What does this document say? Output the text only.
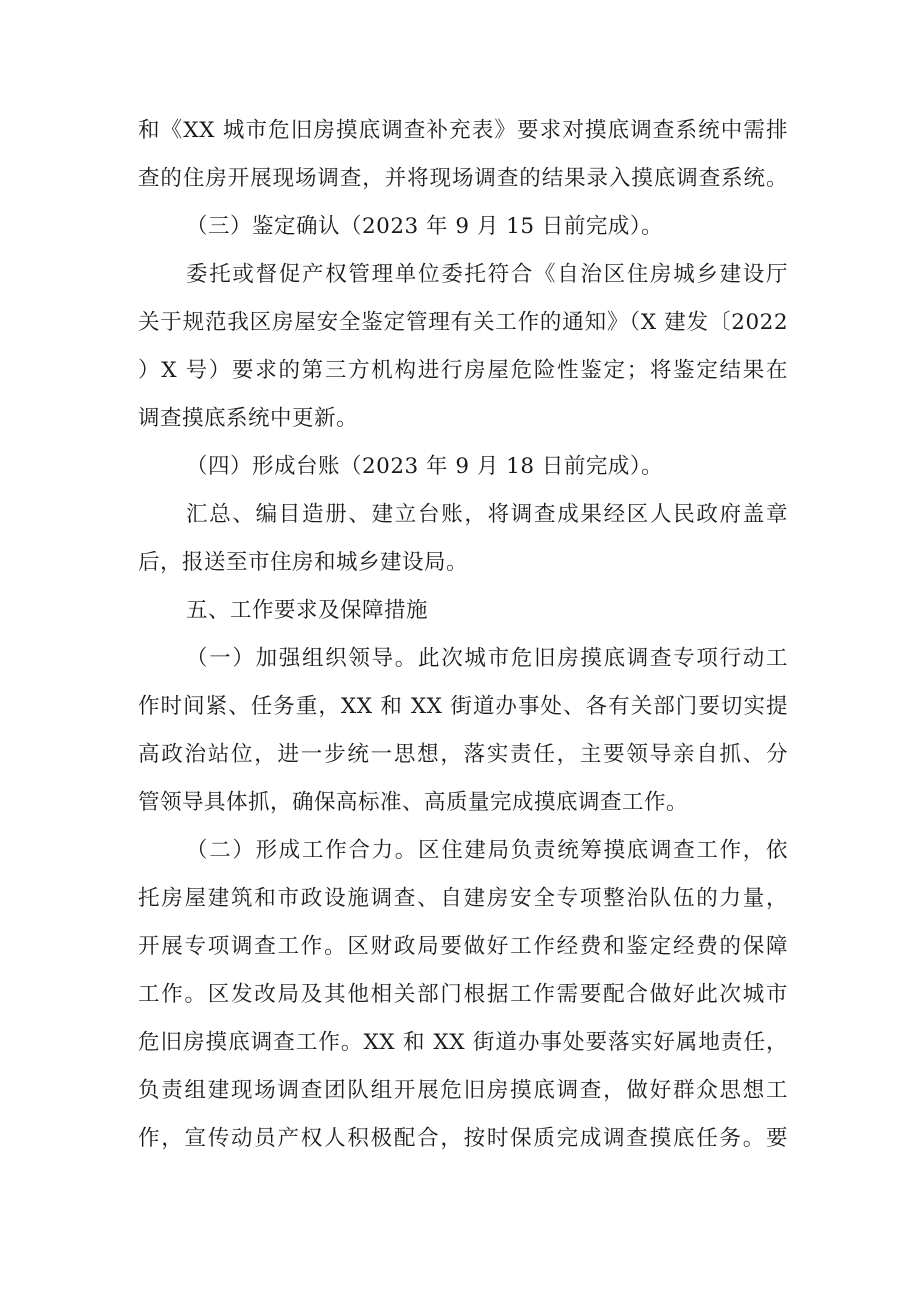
和《XX 城市危旧房摸底调查补充表》要求对摸底调查系统中需排
查的住房开展现场调查，并将现场调查的结果录入摸底调查系统。
（三）鉴定确认（2023 年 9 月 15 日前完成）。
委托或督促产权管理单位委托符合《自治区住房城乡建设厅
关于规范我区房屋安全鉴定管理有关工作的通知》（X 建发〔2022
）X 号）要求的第三方机构进行房屋危险性鉴定；将鉴定结果在
调查摸底系统中更新。
（四）形成台账（2023 年 9 月 18 日前完成）。
汇总、编目造册、建立台账，将调查成果经区人民政府盖章
后，报送至市住房和城乡建设局。
五、工作要求及保障措施
（一）加强组织领导。此次城市危旧房摸底调查专项行动工
作时间紧、任务重，XX 和 XX 街道办事处、各有关部门要切实提
高政治站位，进一步统一思想，落实责任，主要领导亲自抓、分
管领导具体抓，确保高标准、高质量完成摸底调查工作。
（二）形成工作合力。区住建局负责统筹摸底调查工作，依
托房屋建筑和市政设施调查、自建房安全专项整治队伍的力量，
开展专项调查工作。区财政局要做好工作经费和鉴定经费的保障
工作。区发改局及其他相关部门根据工作需要配合做好此次城市
危旧房摸底调查工作。XX 和 XX 街道办事处要落实好属地责任，
负责组建现场调查团队组开展危旧房摸底调查，做好群众思想工
作，宣传动员产权人积极配合，按时保质完成调查摸底任务。要
